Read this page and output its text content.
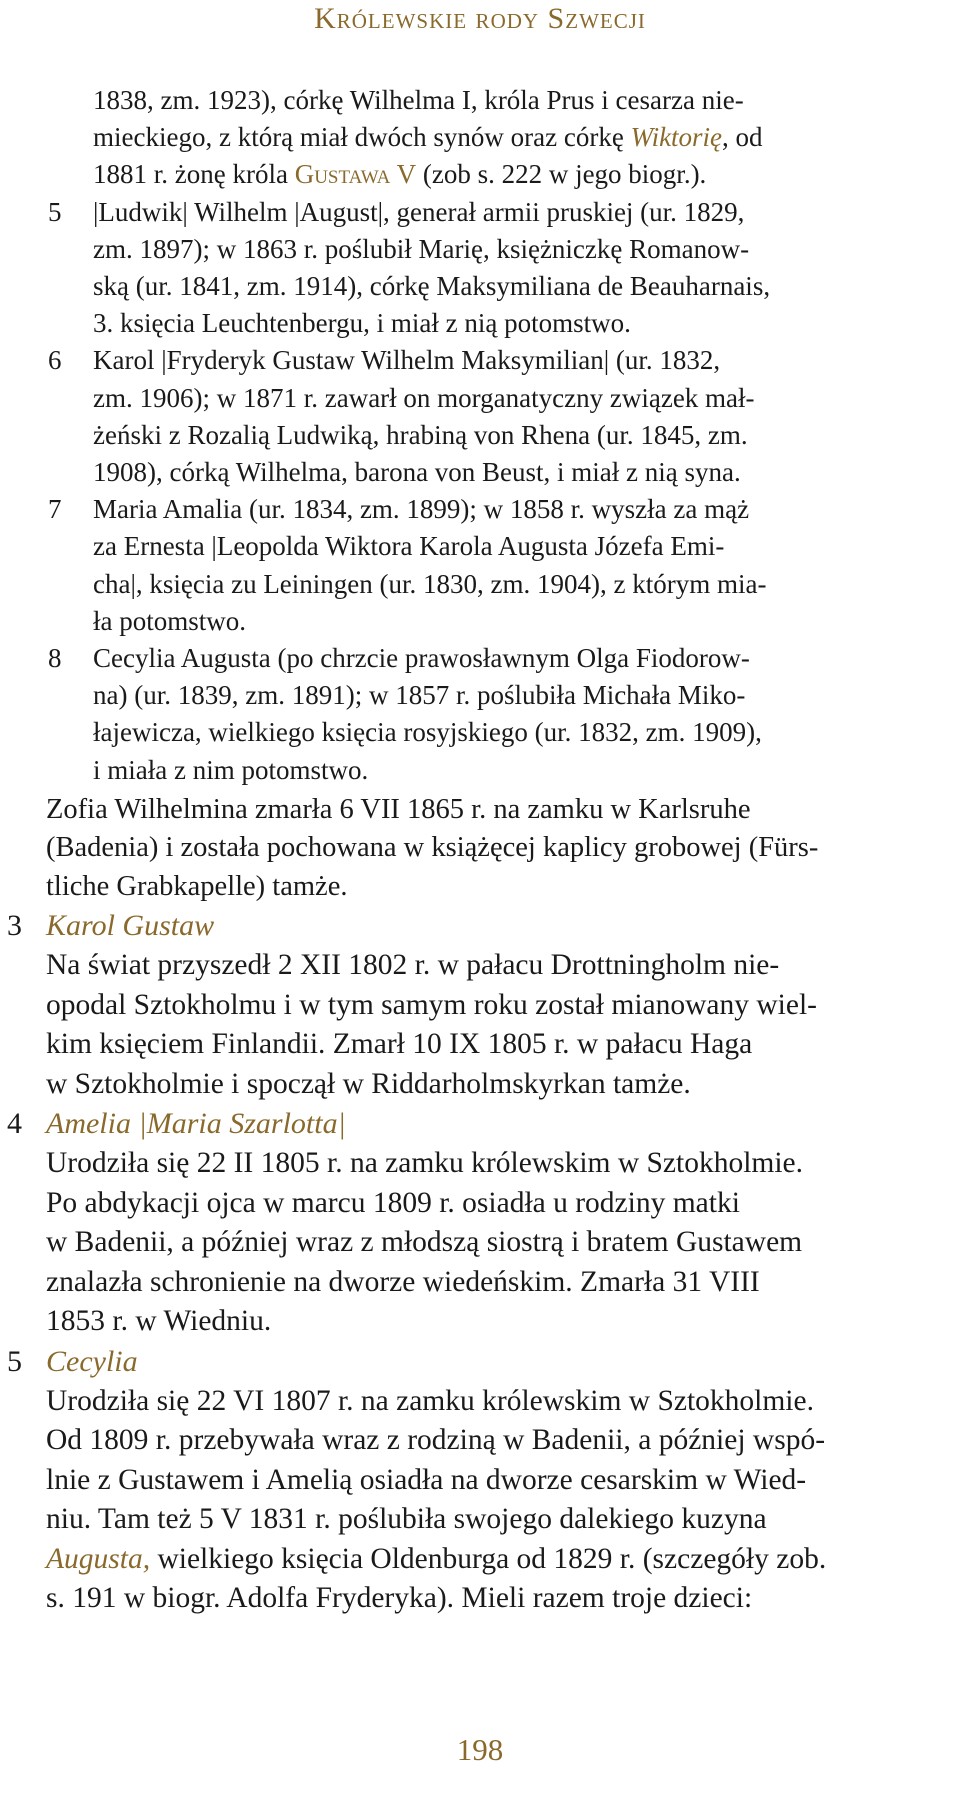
Królewskie rody Szwecji
1838, zm. 1923), córkę Wilhelma I, króla Prus i cesarza nie-
mieckiego, z którą miał dwóch synów oraz córkę Wiktorię, od
1881 r. żonę króla Gustawa V (zob s. 222 w jego biogr.).
5 |Ludwik| Wilhelm |August|, generał armii pruskiej (ur. 1829,
zm. 1897); w 1863 r. poślubił Marię, księżniczkę Romanow-
ską (ur. 1841, zm. 1914), córkę Maksymiliana de Beauharnais,
3. księcia Leuchtenbergu, i miał z nią potomstwo.
6 Karol |Fryderyk Gustaw Wilhelm Maksymilian| (ur. 1832,
zm. 1906); w 1871 r. zawarł on morganatyczny związek mał-
żeński z Rozalią Ludwiką, hrabiną von Rhena (ur. 1845, zm.
1908), córką Wilhelma, barona von Beust, i miał z nią syna.
7 Maria Amalia (ur. 1834, zm. 1899); w 1858 r. wyszła za mąż
za Ernesta |Leopolda Wiktora Karola Augusta Józefa Emi-
cha|, księcia zu Leiningen (ur. 1830, zm. 1904), z którym mia-
ła potomstwo.
8 Cecylia Augusta (po chrzcie prawosławnym Olga Fiodorow-
na) (ur. 1839, zm. 1891); w 1857 r. poślubiła Michała Miko-
łajewicza, wielkiego księcia rosyjskiego (ur. 1832, zm. 1909),
i miała z nim potomstwo.
Zofia Wilhelmina zmarła 6 VII 1865 r. na zamku w Karlsruhe
(Badenia) i została pochowana w książęcej kaplicy grobowej (Fürs-
tliche Grabkapelle) tamże.
3 Karol Gustaw
Na świat przyszedł 2 XII 1802 r. w pałacu Drottningholm nie-
opodal Sztokholmu i w tym samym roku został mianowany wiel-
kim księciem Finlandii. Zmarł 10 IX 1805 r. w pałacu Haga
w Sztokholmie i spoczął w Riddarholmskyrkan tamże.
4 Amelia |Maria Szarlotta|
Urodziła się 22 II 1805 r. na zamku królewskim w Sztokholmie.
Po abdykacji ojca w marcu 1809 r. osiadła u rodziny matki
w Badenii, a później wraz z młodszą siostrą i bratem Gustawem
znalazła schronienie na dworze wiedeńskim. Zmarła 31 VIII
1853 r. w Wiedniu.
5 Cecylia
Urodziła się 22 VI 1807 r. na zamku królewskim w Sztokholmie.
Od 1809 r. przebywała wraz z rodziną w Badenii, a później wspó-
lnie z Gustawem i Amelią osiadła na dworze cesarskim w Wied-
niu. Tam też 5 V 1831 r. poślubiła swojego dalekiego kuzyna
Augusta, wielkiego księcia Oldenburga od 1829 r. (szczegóły zob.
s. 191 w biogr. Adolfa Fryderyka). Mieli razem troje dzieci:
198
